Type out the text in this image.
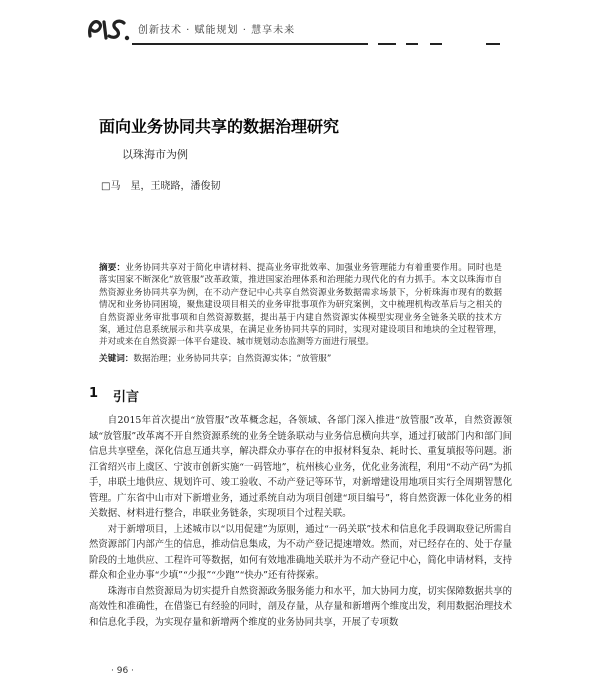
创新技术 · 赋能规划 · 慧享未来
面向业务协同共享的数据治理研究
以珠海市为例
□马　星，王晓路，潘俊韧

摘要：业务协同共享对于简化申请材料、提高业务审批效率、加强业务管理能力有着重要作用。同时也是落实国家不断深化“放管服”改革政策，推进国家治理体系和治理能力现代化的有力抓手。本文以珠海市自然资源业务协同共享为例，在不动产登记中心共享自然资源业务数据需求场景下，分析珠海市现有的数据情况和业务协同困境，聚焦建设项目相关的业务审批事项作为研究案例，文中梳理机构改革后与之相关的自然资源业务审批事项和自然资源数据，提出基于内建自然资源实体模型实现业务全链条关联的技术方案，通过信息系统展示和共享成果，在满足业务协同共享的同时，实现对建设项目和地块的全过程管理，并对或来在自然资源一体平台建设、城市规划动态监测等方面进行展望。

关键词：数据治理；业务协同共享；自然资源实体；“放管服”

1 引言

自2015年首次提出“放管服”改革概念起，各领域、各部门深入推进“放管服”改革，自然资源领域“放管服”改革离不开自然资源系统的业务全链条联动与业务信息横向共享，通过打破部门内和部门间信息共享壁垒，深化信息互通共享，解决群众办事存在的申报材料复杂、耗时长、重复填报等问题。浙江省绍兴市上虞区、宁波市创新实施“一码管地”，杭州核心业务，优化业务流程，利用“不动产码”为抓手，串联土地供应、规划许可、竣工验收、不动产登记等环节，对新增建设用地项目实行全周期智慧化管理。广东省中山市对下新增业务，通过系统自动为项目创建“项目编号”，将自然资源一体化业务的相关数据、材料进行整合，串联业务链条，实现项目个过程关联。

对于新增项目，上述城市以“以用促建”为原则，通过“一码关联”技术和信息化手段调取登记所需自然资源部门内部产生的信息，推动信息集成，为不动产登记提速增效。然而，对已经存在的、处于存量阶段的土地供应、工程许可等数据，如何有效地准确地关联并为不动产登记中心，简化申请材料，支持群众和企业办事“少填”“少报”“少跑”“快办”还有待探索。

珠海市自然资源局为切实提升自然资源政务服务能力和水平，加大协同力度，切实保障数据共享的高效性和准确性，在借鉴已有经验的同时，剖及存量，从存量和新增两个维度出发，利用数据治理技术和信息化手段，为实现存量和新增两个维度的业务协同共享，开展了专项数

· 96 ·
